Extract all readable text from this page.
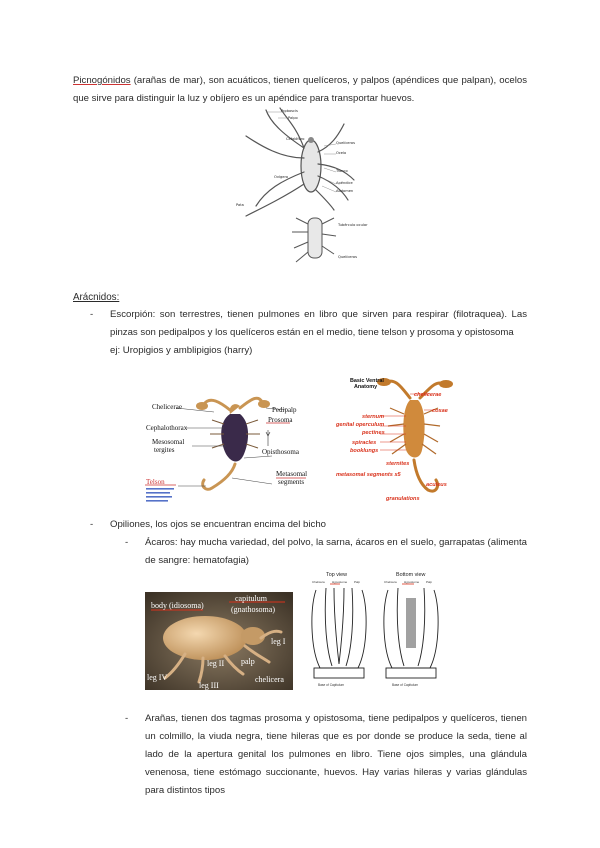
Picnogónidos (arañas de mar), son acuáticos, tienen quelíceros, y palpos (apéndices que palpan), ocelos que sirve para distinguir la luz y obíjero es un apéndice para transportar huevos.

Proboscis
Palpo
Cefalóforo
Quelíceros
Ovígero
Ocelo
Tronco
Apéndice
Abdomen
Pata
Tubérculo ocular
Quelíceros
Arácnidos:
-	Escorpión: son terrestres, tienen pulmones en libro que sirven para respirar (filotraquea). Las pinzas son pedipalpos y los quelíceros están en el medio, tiene telson y prosoma y opistosoma

ej: Uropigios y amblipigios (harry)

Chelicerae	Pedipalp
Cephalothorax
Prosoma
Mesosomal
tergites	Opisthosoma
Telson
Metasomal
segments
Basic Ventral
Anatomy
chelicerae
coxae
sternum
genital operculum
pectines
spiracles
booklungs
sternites
metasomal segments x5
aculeus
granulations
-	Opiliones, los ojos se encuentran encima del bicho

-	Ácaros: hay mucha variedad, del polvo, la sarna, ácaros en el suelo, garrapatas (alimenta de sangre: hematofagia)

body (idiosoma)
capitulum
(gnathosoma)
leg I
leg II
leg III
leg IV
palp
chelicera
Top view	Bottom view
Chelicera Hypostome Palp	Chelicera Hypostome Palp
Base of Capitulum	Base of Capitulum
-	Arañas, tienen dos tagmas prosoma y opistosoma, tiene pedipalpos y quelíceros, tienen un colmillo, la viuda negra, tiene hileras que es por donde se produce la seda, tiene al lado de la apertura genital los pulmones en libro. Tiene ojos simples, una glándula venenosa, tiene estómago succionante, huevos. Hay varias hileras y varias glándulas para distintos tipos
